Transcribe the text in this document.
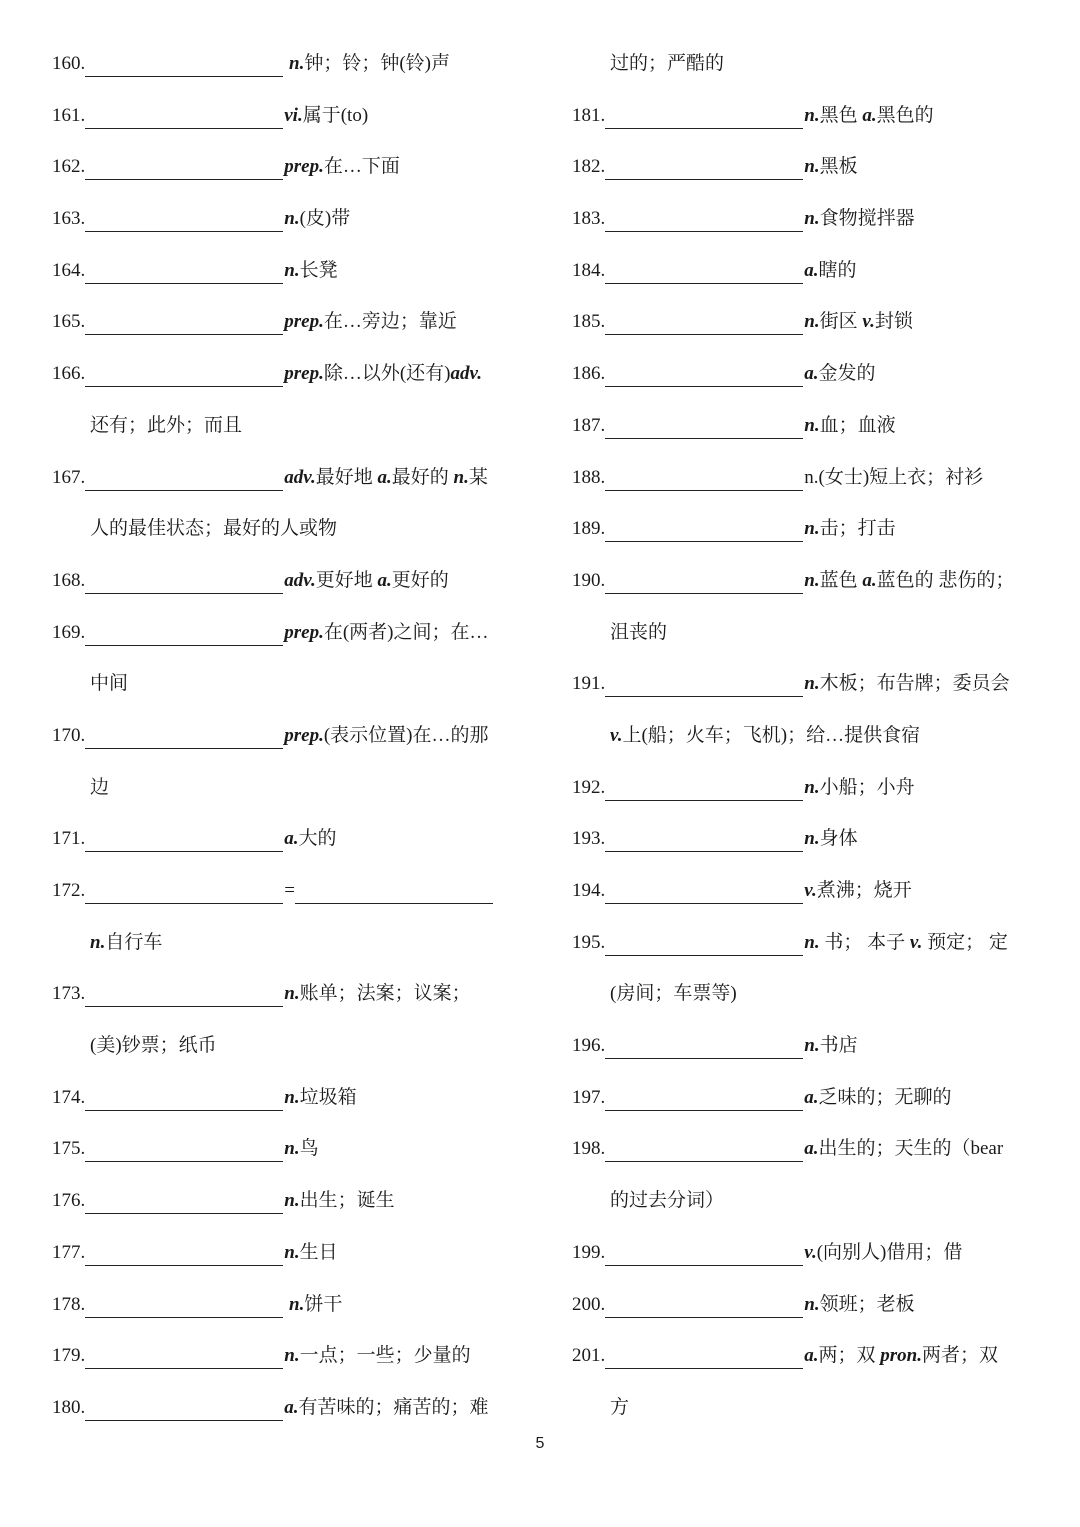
160.	n.钟；铃；钟(铃)声
161.	vi.属于(to)
162.	prep.在…下面
163.	n.(皮)带
164.	n.长凳
165.	prep.在…旁边；靠近
166.	prep.除…以外(还有)adv.
还有；此外；而且
167.	adv.最好地 a.最好的 n.某
人的最佳状态；最好的人或物
168.	adv.更好地 a.更好的
169.	prep.在(两者)之间；在…
中间
170.	prep.(表示位置)在…的那
边
171.	a.大的
172.	=
n.自行车
173.	n.账单；法案；议案；
(美)钞票；纸币
174.	n.垃圾箱
175.	n.鸟
176.	n.出生；诞生
177.	n.生日
178.	n.饼干
179.	n.一点；一些；少量的
180.	a.有苦味的；痛苦的；难
过的；严酷的
181.	n.黑色 a.黑色的
182.	n.黑板
183.	n.食物搅拌器
184.	a.瞎的
185.	n.街区 v.封锁
186.	a.金发的
187.	n.血；血液
188.	n.(女士)短上衣；衬衫
189.	n.击；打击
190.	n.蓝色 a.蓝色的 悲伤的；
沮丧的
191.	n.木板；布告牌；委员会
v.上(船；火车；飞机)；给…提供食宿
192.	n.小船；小舟
193.	n.身体
194.	v.煮沸；烧开
195.	n. 书； 本子 v. 预定； 定
(房间；车票等)
196.	n.书店
197.	a.乏味的；无聊的
198.	a.出生的；天生的（bear
的过去分词）
199.	v.(向别人)借用；借
200.	n.领班；老板
201.	a.两；双 pron.两者；双
方
5
